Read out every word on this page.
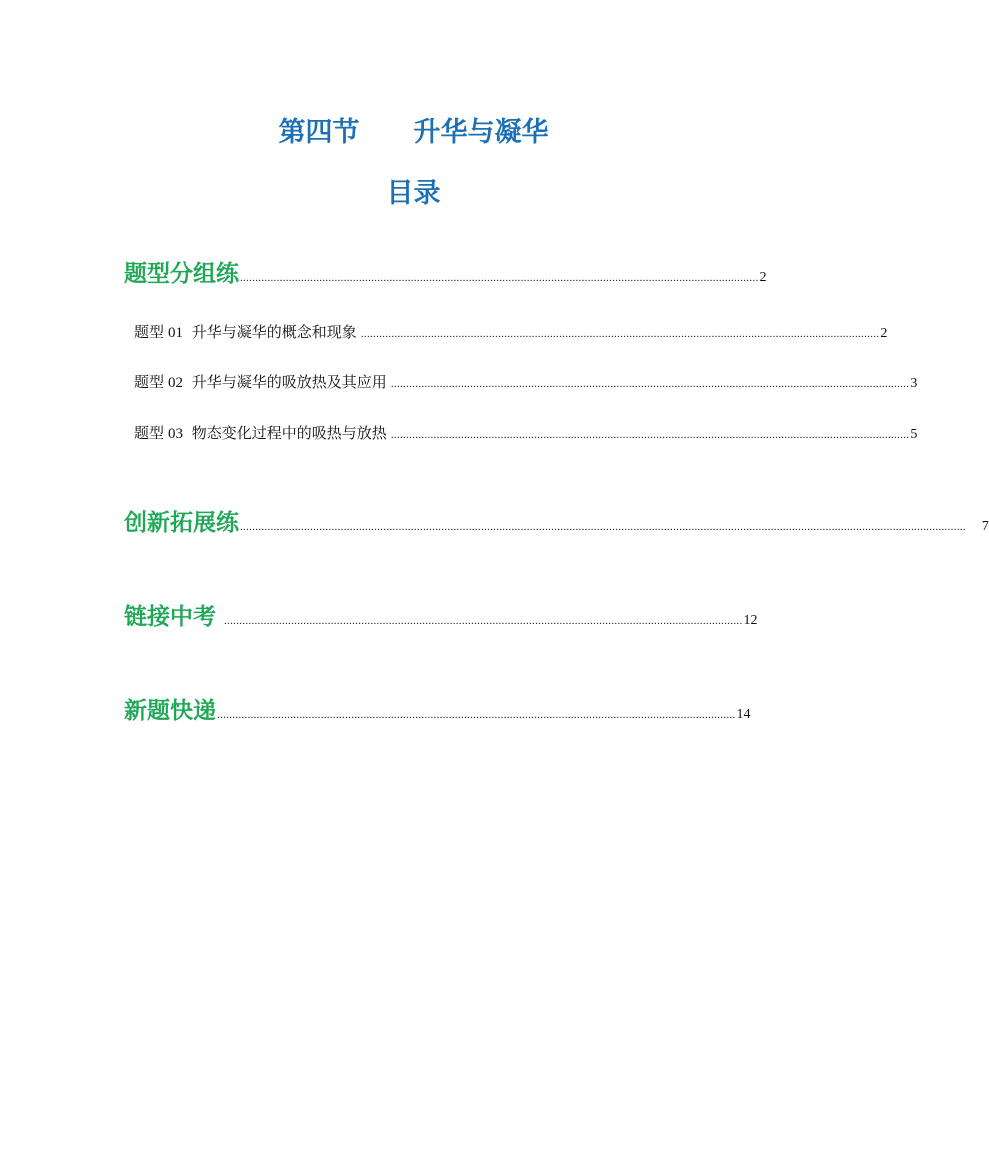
第四节　　升华与凝华
目录
题型分组练 .......................................................................................................................................................................... 2
题型 01 升华与凝华的概念和现象 .......................................................................................................................................................................... 2
题型 02 升华与凝华的吸放热及其应用 .......................................................................................................................................................................... 3
题型 03 物态变化过程中的吸热与放热 .......................................................................................................................................................................... 5
创新拓展练 .............................................................................................................................................................................................................................................. 7
链接中考 .......................................................................................................................................................................... 12
新题快递 .......................................................................................................................................................................... 14
